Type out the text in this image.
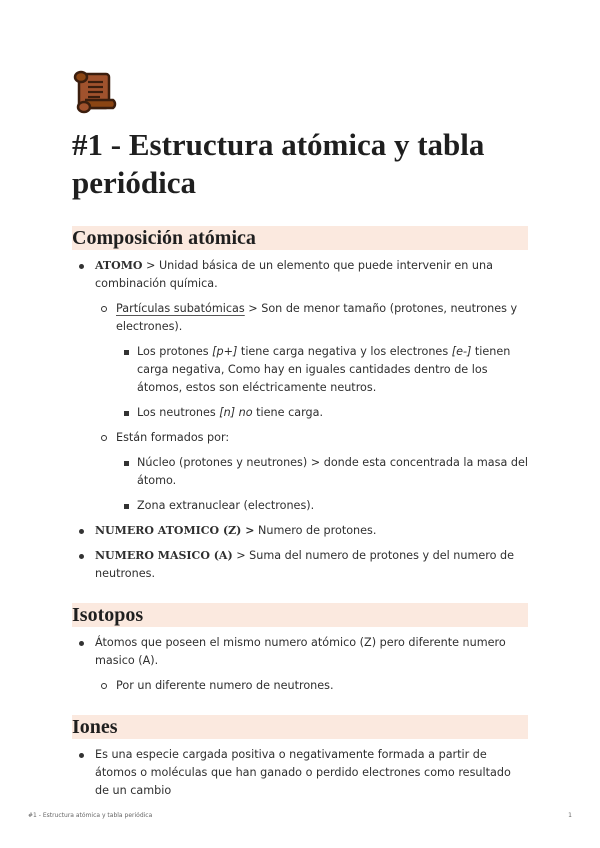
#1 - Estructura atómica y tabla periódica
Composición atómica
ATOMO > Unidad básica de un elemento que puede intervenir en una combinación química.
Partículas subatómicas > Son de menor tamaño (protones, neutrones y electrones).
Los protones [p+] tiene carga negativa y los electrones [e-] tienen carga negativa, Como hay en iguales cantidades dentro de los átomos, estos son eléctricamente neutros.
Los neutrones [n] no tiene carga.
Están formados por:
Núcleo (protones y neutrones) > donde esta concentrada la masa del átomo.
Zona extranuclear (electrones).
NUMERO ATOMICO (Z) > Numero de protones.
NUMERO MASICO (A) > Suma del numero de protones y del numero de neutrones.
Isotopos
Átomos que poseen el mismo numero atómico (Z) pero diferente numero masico (A).
Por un diferente numero de neutrones.
Iones
Es una especie cargada positiva o negativamente formada a partir de átomos o moléculas que han ganado o perdido electrones como resultado de un cambio
#1 - Estructura atómica y tabla periódica	1
